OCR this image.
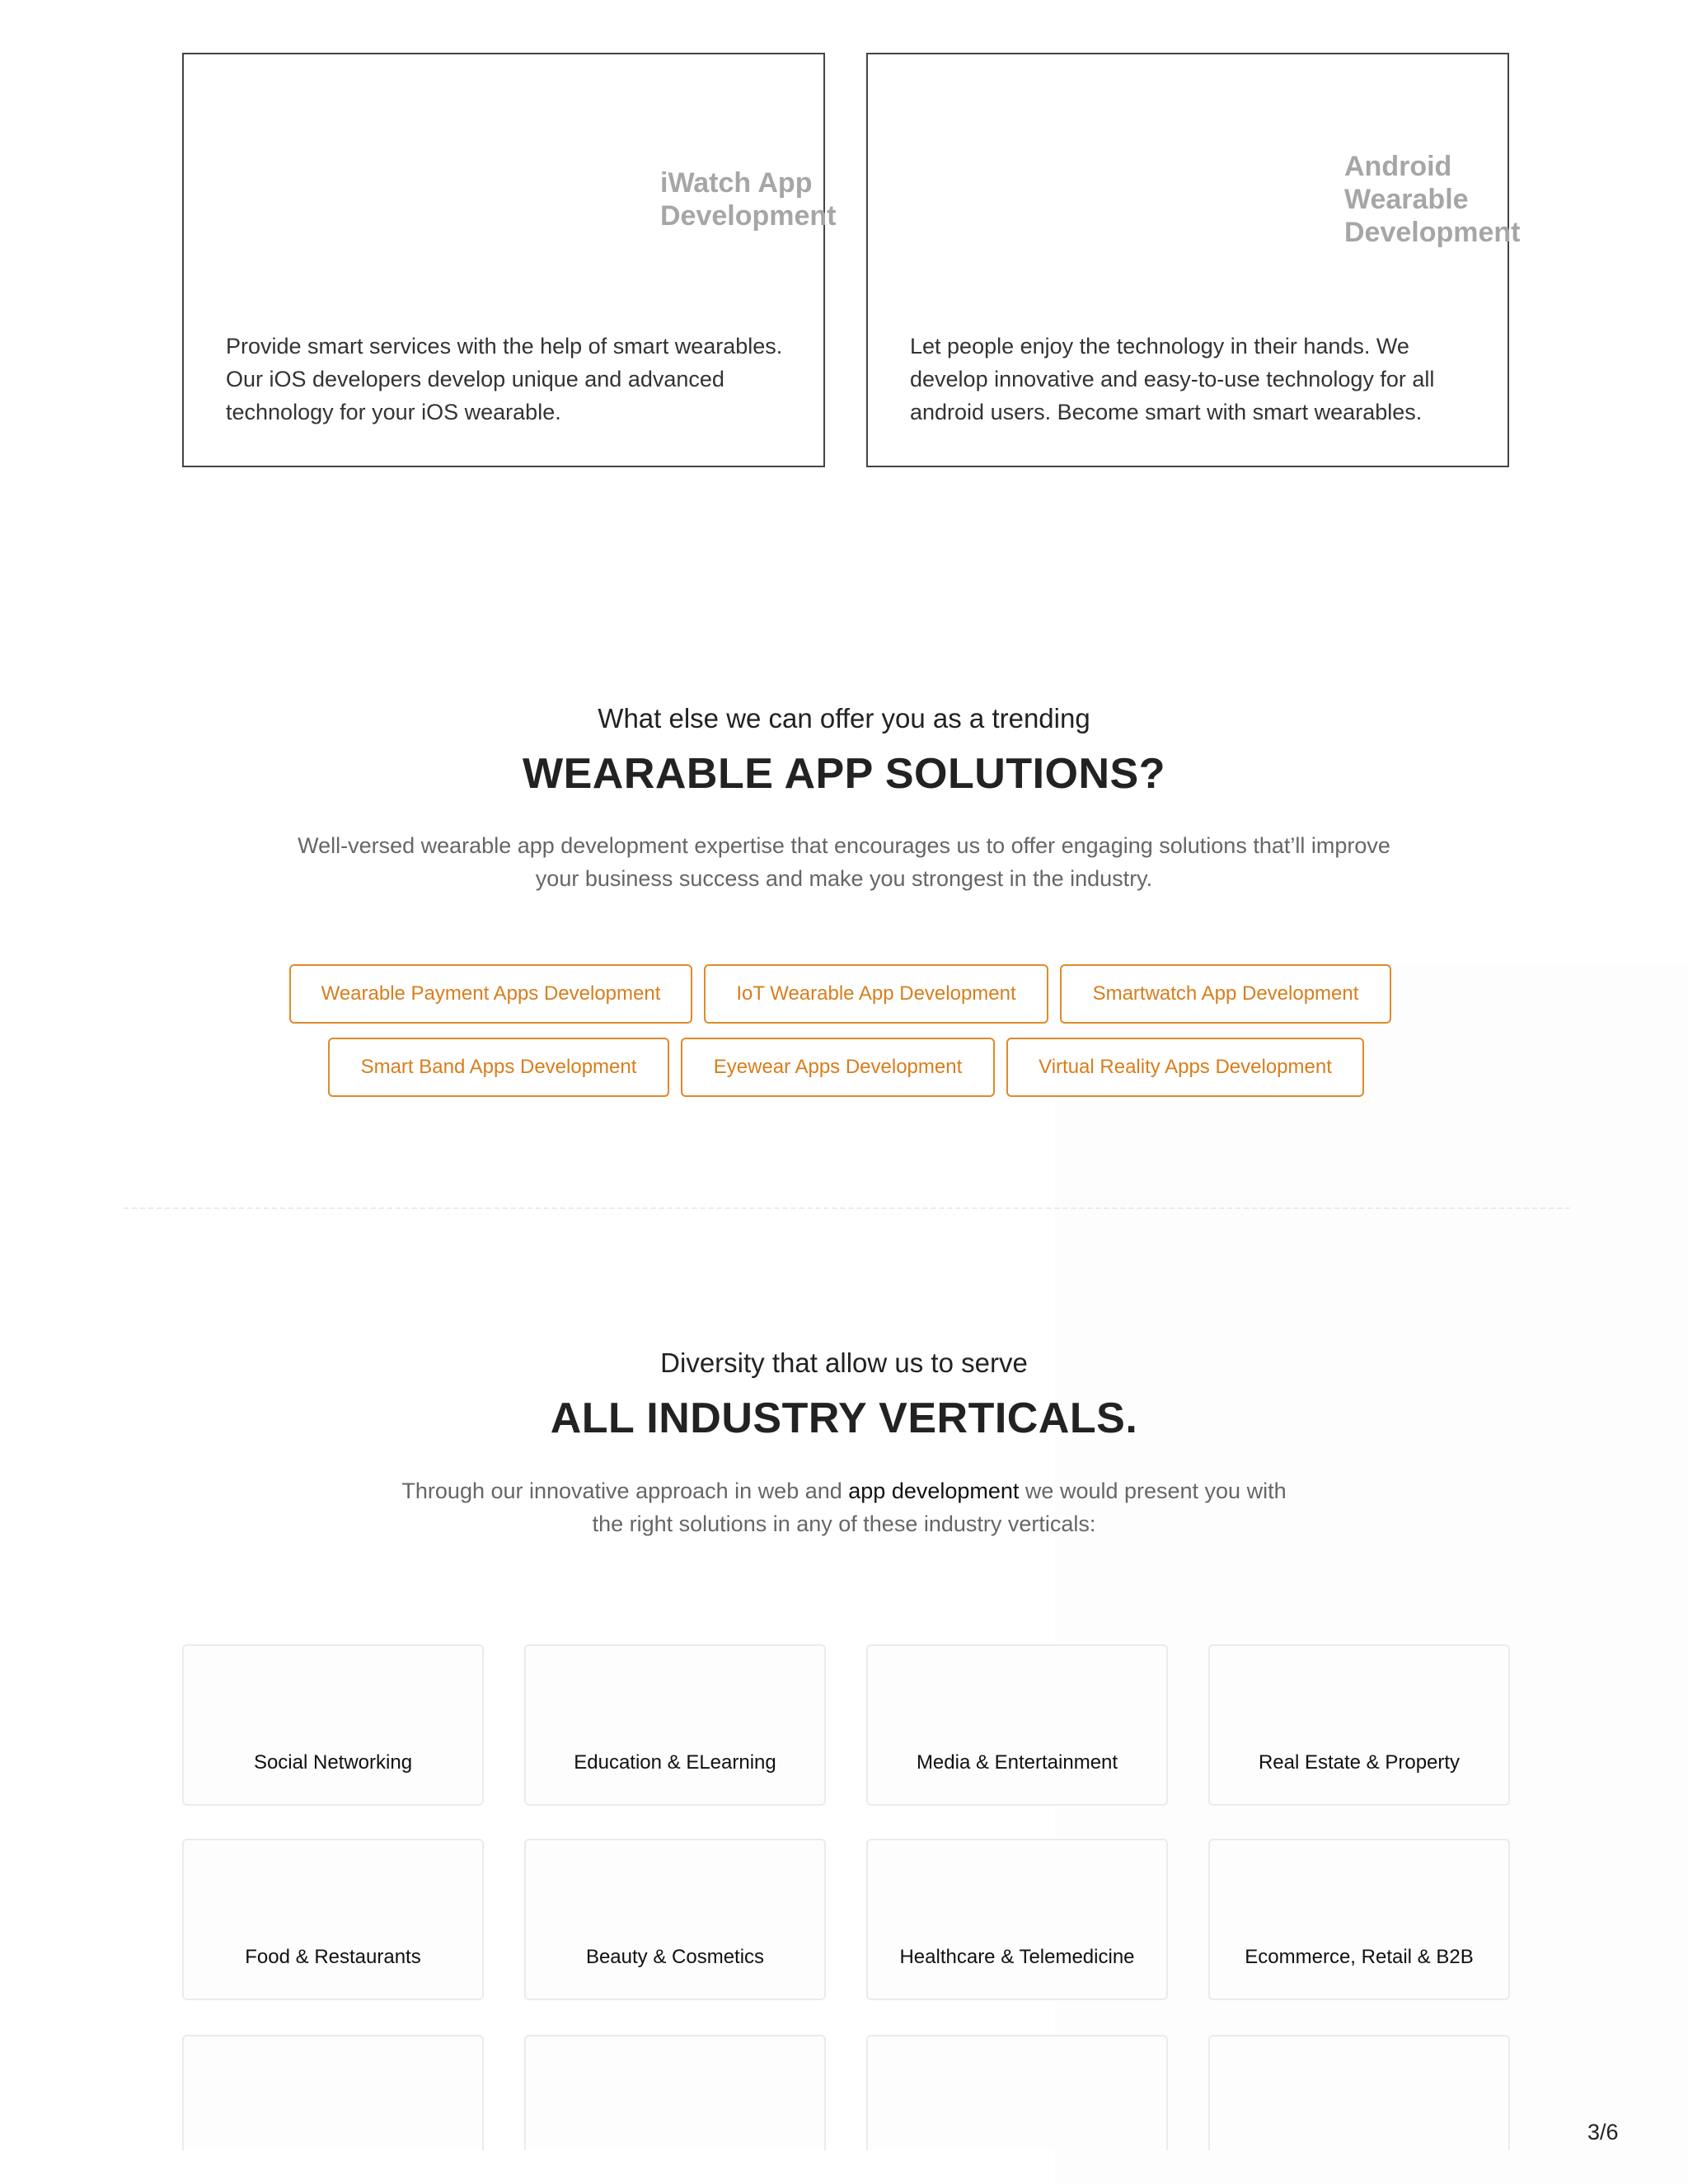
iWatch App
Development

Provide smart services with the help of smart wearables. Our iOS developers develop unique and advanced technology for your iOS wearable.

Android
Wearable
Development

Let people enjoy the technology in their hands. We develop innovative and easy-to-use technology for all android users. Become smart with smart wearables.

What else we can offer you as a trending
WEARABLE APP SOLUTIONS?
Well-versed wearable app development expertise that encourages us to offer engaging solutions that’ll improve
your business success and make you strongest in the industry.
Wearable Payment Apps Development	IoT Wearable App Development	Smartwatch App Development
Smart Band Apps Development	Eyewear Apps Development	Virtual Reality Apps Development
Diversity that allow us to serve
ALL INDUSTRY VERTICALS.
Through our innovative approach in web and app development we would present you with
the right solutions in any of these industry verticals:
Social Networking	Education & ELearning	Media & Entertainment	Real Estate & Property
Food & Restaurants	Beauty & Cosmetics	Healthcare & Telemedicine	Ecommerce, Retail & B2B
3/6
